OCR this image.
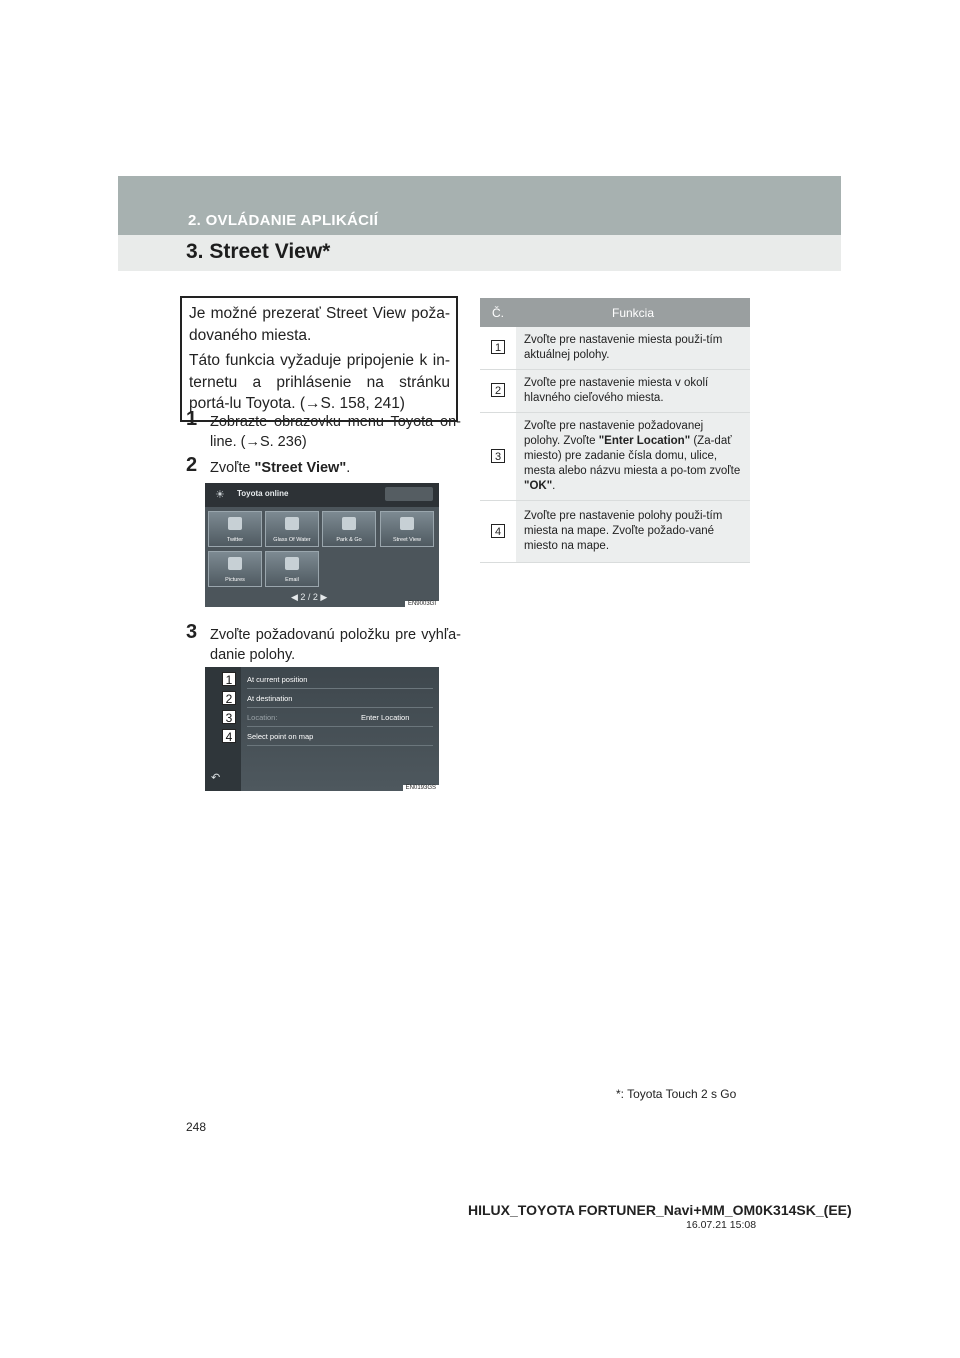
2. OVLÁDANIE APLIKÁCIÍ
3. Street View*

Je možné prezerať Street View poža-dovaného miesta.

Táto funkcia vyžaduje pripojenie k in-ternetu a prihlásenie na stránku portá-lu Toyota. (→S. 158, 241)

1 Zobrazte obrazovku menu Toyota on-line. (→S. 236)
2 Zvoľte "Street View".
☀	Toyota online
Twitter	Glass Of Water	Park & Go	Street View
Pictures	Email
◀ 2 / 2 ▶
EN9003GI
3 Zvoľte požadovanú položku pre vyhľa-danie polohy.
At current position
At destination
Location:	Enter Location
Select point on map
↶
EN0193GS
1
2
3
4
Č.	Funkcia
1	Zvoľte pre nastavenie miesta použi-tím aktuálnej polohy.
2	Zvoľte pre nastavenie miesta v okolí hlavného cieľového miesta.
3	Zvoľte pre nastavenie požadovanej polohy. Zvoľte "Enter Location" (Za-dať miesto) pre zadanie čísla domu, ulice, mesta alebo názvu miesta a po-tom zvoľte "OK".
4	Zvoľte pre nastavenie polohy použi-tím miesta na mape. Zvoľte požado-vané miesto na mape.
*: Toyota Touch 2 s Go
248
HILUX_TOYOTA FORTUNER_Navi+MM_OM0K314SK_(EE)
16.07.21 15:08
